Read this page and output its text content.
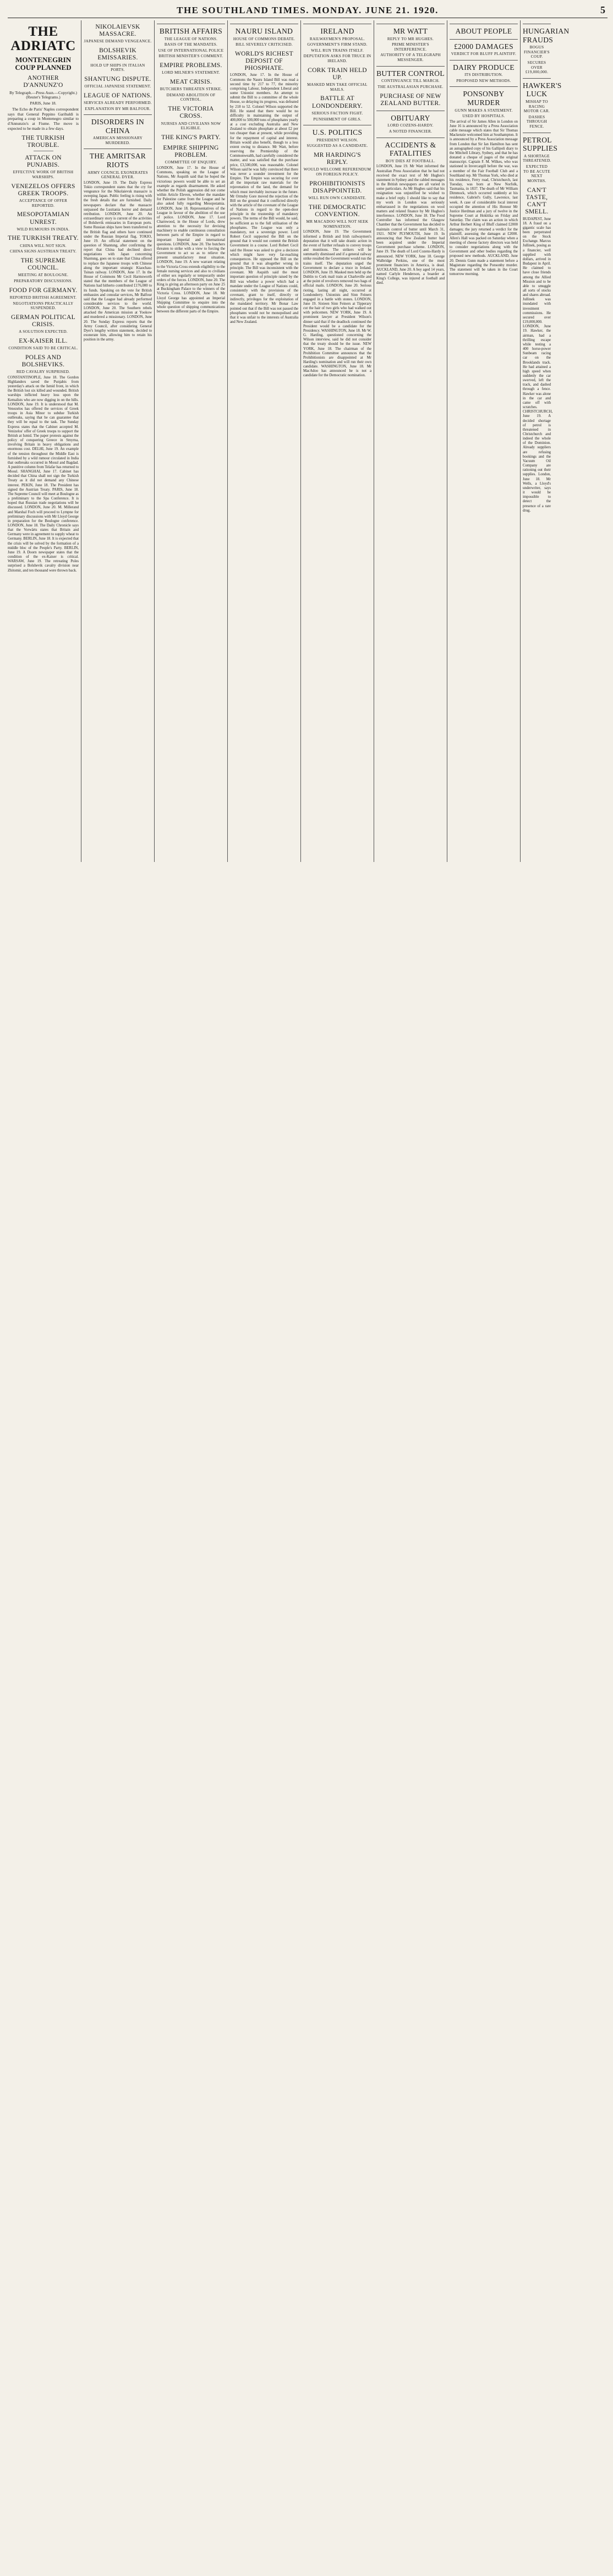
THE SOUTHLAND TIMES. MONDAY. JUNE 21. 1920.	5
THE ADRIATC
MONTENEGRIN COUP PLANNED
ANOTHER D'ANNUNZ'O
By Telegraph.—Press Assn.—Copyright.) (Reuter's Telegrams.)
PARIS, June 18.
The Echo de Paris' Naples correspondent says that General Peppino Garibaldi is preparing a coup in Montenegro similar to d'Annunzio's at Fiume. The move is expected to be made in a few days.
THE TURKISH TROUBLE.
ATTACK ON PUNJABIS.
EFFECTIVE WORK OF BRITISH WARSHIPS.
VENEZELOS OFFERS GREEK TROOPS.
ACCEPTANCE OF OFFER REPORTED.
MESOPOTAMIAN UNREST.
WILD RUMOURS IN INDIA.
THE TURKISH TREATY.
CHINA WILL NOT SIGN.
CHINA SIGNS AUSTRIAN TREATY.
THE SUPREME COUNCIL.
MEETING AT BOULOGNE.
PREPARATORY DISCUSSIONS.
FOOD FOR GERMANY.
REPORTED BRITISH AGREEMENT.
NEGOTIATIONS PRACTICALLY SUSPENDED.
GERMAN POLITICAL CRISIS.
A SOLUTION EXPECTED.
EX-KAISER ILL.
CONDITION SAID TO BE CRITICAL.
POLES AND BOLSHEVIKS.
RED CAVALRY SURPRISED.
CONSTANTINOPLE, June 18. The Gordon Highlanders saved the Punjabis from yesterday's attack on the Ismid front, in which the British lost six killed and wounded. British warships inflicted heavy loss upon the Kemalists who are now digging in on the hills. LONDON, June 19. It is understood that M. Venezelos has offered the services of Greek troops in Asia Minor to subdue Turkish outbreaks, saying that he can guarantee that they will be equal to the task. The Sunday Express states that the Cabinet accepted M. Venizelos' offer of Greek troops to support the British at Ismid. The paper protests against the policy of conquering Greece in Smyrna, involving Britain in heavy obligations and enormous cost. DELHI, June 19. An example of the tension throughout the Middle East is furnished by a wild rumour circulated in India that outbreaks occurred in Mosul and Bagdad. A punitive column from Telafar has returned to Mosul. SHANGHAI, June 17. Cabinet has decided that China shall not sign the Turkish Treaty as it did not demand any Chinese interest. PEKIN, June 18. The President has signed the Austrian Treaty. PARIS, June 18. The Supreme Council will meet at Boulogne as a preliminary to the Spa Conference. It is hoped that Russian trade negotiations will be discussed. LONDON, June 20. M. Millerand and Marshal Foch will proceed to Lympne for preliminary discussions with Mr Lloyd George in preparation for the Boulogne conference. LONDON, June 18. The Daily Chronicle says that the Vorwärts states that Britain and Germany were in agreement to supply wheat to Germany. BERLIN, June 18. It is expected that the crisis will be solved by the formation of a middle bloc of the People's Party. BERLIN, June 19. A Doorn newspaper states that the condition of the ex-Kaiser is critical. WARSAW, June 19. The retreating Poles surprised a Bolshevik cavalry division near Zhitomir, and ten thousand were thrown back.
NIKOLAIEVSK MASSACRE.
JAPANESE DEMAND VENGEANCE.
BOLSHEVIK EMISSARIES.
HOLD UP SHIPS IN ITALIAN PORTS.
SHANTUNG DISPUTE.
OFFICIAL JAPANESE STATEMENT.
LEAGUE OF NATIONS.
SERVICES ALREADY PERFORMED.
EXPLANATION BY MR BALFOUR.
DISORDERS IN CHINA
AMERICAN MISSIONARY MURDERED.
THE AMRITSAR RIOTS
ARMY COUNCIL EXONERATES GENERAL DYER.
LONDON, June 19. The Daily Express Tokio correspondent states that the cry for vengeance for the Nikolaievsk massacre is sweeping Japan. Public feeling is rising with the fresh details that are furnished. Daily newspapers declare that the massacre surpassed the Lusitania horror and demand retribution. LONDON, June 20. An extraordinary story is current of the activities of Bolshevik emissaries in European ports. Some Russian ships have been transferred to the British flag and others have continued under the Russian Imperial flag. TOKIO, June 19. An official statement on the question of Shantung, after confirming the report that China had declined direct negotiations with Japan concerning Shantung, goes on to state that China offered to replace the Japanese troops with Chinese along the important strategic Kiaochau-Tsinan railway. LONDON, June 17. In the House of Commons Mr Cecil Harmsworth stated that the members of the League of Nations had hitherto contributed £176,000 to its funds. Speaking on the vote for British embassies and consular services, Mr Balfour said that the League had already performed considerable services to the world. LONDON, June 20. The Southern rebels attacked the American mission at Yookow and murdered a missionary. LONDON, June 20. The Sunday Express reports that the Army Council, after considering General Dyer's lengthy written statement, decided to exonerate him, allowing him to retain his position in the army.
BRITISH AFFAIRS
THE LEAGUE OF NATIONS.
BASIS OF THE MANDATES.
USE OF INTERNATIONAL POLICE
BRITISH MINISTER'S COMMENT.
EMPIRE PROBLEMS.
LORD MILNER'S STATEMENT.
MEAT CRISIS.
BUTCHERS THREATEN STRIKE.
DEMAND ABOLITION OF CONTROL.
THE VICTORIA CROSS.
NURSES AND CIVILIANS NOW ELIGIBLE.
THE KING'S PARTY.
EMPIRE SHIPPING PROBLEM.
COMMITTEE OF ENQUIRY.
LONDON, June 17. In the House of Commons, speaking on the League of Nations, Mr Asquith said that he hoped the victorious powers would be able to set an example as regards disarmament. He asked whether the Polish aggression did not come within Article Eleven, whether the mandate for Palestine came from the League and he also asked fully regarding Mesopotamia. LONDON, June 18. Representatives of the League in favour of the abolition of the use of police. LONDON, June 17. Lord Charnwood, in the House of Lords, drew attention to the necessity for devising machinery to enable continuous consultation between parts of the Empire in regard to important Imperial and international questions. LONDON, June 20. The butchers threaten to strike with a view to forcing the Government to act so as to relieve the present unsatisfactory meat situation. LONDON, June 19. A new warrant relating to the Victoria Cross extends eligibility to the female nursing services and also to civilians of either sex regularly or temporarily under orders of the forces. LONDON, June 20. The King is giving an afternoon party on June 25 at Buckingham Palace to the winners of the Victoria Cross. LONDON, June 18. Mr Lloyd George has appointed an Imperial Shipping Committee to enquire into the whole question of shipping communications between the different parts of the Empire.
NAURU ISLAND
HOUSE OF COMMONS DEBATE.
BILL SEVERELY CRITICISED.
WORLD'S RICHEST DEPOSIT OF PHOSPHATE.
LONDON, June 17. In the House of Commons the Nauru Island Bill was read a second time by 217 to 77, the minority comprising Labour, Independent Liberal and some Unionist members. An attempt to submit the Bill to a committee of the whole House, so delaying its progress, was defeated by 218 to 52. Colonel Wilson supported the Bill. He stated that there would be no difficulty in maintaining the output of 400,000 to 500,000 tons of phosphates yearly at a cost excluding Australia and New Zealand to obtain phosphate at about £2 per ton cheaper than at present, while providing for the repayment of capital and interest. Britain would also benefit, though to a less extent owing to distance. Mr Watt, before reserving the Premiership of the Commonwealth, had carefully considered the matter, and was satisfied that the purchase price, £3,500,000, was reasonable. Colonel Wilson said he was fully convinced that there was never a sounder investment for the Empire. The Empire was securing for over all the important raw materials for the rejuvenation of the land, the demand for which must inevitably increase in the future. Mr Ormsby Gore moved the rejection of the Bill on the ground that it conflicted directly with the article of the covenant of the League of Nations in regard to the open-door principle in the trusteeship of mandatory powers. The terms of the Bill would, he said, be sufficient as to the full utilisation of the phosphates. The League was only a mandatory, not a sovereign power. Lord Robert Cecil supported the Bill on the ground that it would not commit the British Government in a course. Lord Robert Cecil said the House was asked to give a decision which might have very far-reaching consequences. He opposed the Bill on the ground that it was altogether wrong in principle. The Bill was inconsistent with the covenant. Mr Asquith said the most important question of principle raised by the Bill was whether a power which had a mandate under the League of Nations could, consistently with the provisions of the covenant, grant to itself, directly or indirectly, privileges for the exploitation of the mandated territory. Mr Bonar Law pointed out that if the Bill was not passed the phosphates would not be monopolised and that it was unfair to the interests of Australia and New Zealand.
IRELAND
RAILWAYMEN'S PROPOSAL.
GOVERNMENT'S FIRM STAND.
WILL RUN TRAINS ITSELF.
DEPUTATION ASKS FOR TRUCE IN IRELAND.
CORK TRAIN HELD UP.
MASKED MEN TAKE OFFICIAL MAILS.
BATTLE AT LONDONDERRY.
SERIOUS FACTION FIGHT.
PUNISHMENT OF GIRLS.
U.S. POLITICS
PRESIDENT WILSON.
SUGGESTED AS A CANDIDATE.
MR HARDING'S REPLY.
WOULD WELCOME REFERENDUM ON FOREIGN POLICY.
PROHIBITIONISTS DISAPPOINTED.
WILL RUN OWN CANDIDATE.
THE DEMOCRATIC CONVENTION.
MR MACADOO WILL NOT SEEK NOMINATION.
LONDON, June 19. The Government informed a British and Irish railwaymen's deputation that it will take drastic action in the event of further refusals to convey troops and munitions. The strikers will be summarily dismissed and if a general railway strike resulted the Government would run the trains itself. The deputation urged the Government to declare a truce in Ireland. LONDON, June 19. Masked men held up the Dublin to Cork mail train at Charleville and at the point of revolvers removed two bags of official mails. LONDON, June 20. Serious rioting, lasting all night, occurred at Londonderry. Unionists and Sinn Feiners engaged in a battle with stones. LONDON, June 19. Sixteen Sinn Feiners at Tipperary cut the hair of two girls who had walked out with policemen. NEW YORK, June 19. A prominent lawyer at President Wilson's dinner said that if the deadlock continued the President would be a candidate for the Presidency. WASHINGTON, June 18. Mr W. G. Harding, questioned concerning the Wilson interview, said he did not consider that the treaty should be the issue. NEW YORK, June 18. The chairman of the Prohibition Committee announces that the Prohibitionists are disappointed at Mr Harding's nomination and will run their own candidate. WASHINGTON, June 18. Mr MacAdoo has announced he is not a candidate for the Democratic nomination.
MR WATT
REPLY TO MR HUGHES.
PRIME MINISTER'S INTERFERENCE.
AUTHORITY OF A TELEGRAPH MESSENGER.
BUTTER CONTROL
CONTINUANCE TILL MARCH.
THE AUSTRALASIAN PURCHASE.
PURCHASE OF NEW ZEALAND BUTTER.
OBITUARY
LORD COZENS-HARDY.
A NOTED FINANCIER.
ACCIDENTS & FATALITIES
BOY DIES AT FOOTBALL.
LONDON, June 19. Mr Watt informed the Australian Press Association that he had not received the exact text of Mr Hughes's statement in Sydney and the cabled messages in the British newspapers are all varied in some particulars. As Mr Hughes said that his resignation was unjustified he wished to make a brief reply. I should like to say that my work in London was seriously embarrassed in the negotiations on wool matters and related finance by Mr Hughes's interference. LONDON, June 18. The Food Controller has informed the Glasgow Chamber that the Government has decided to maintain control of butter until March 31, 1921. NEW PLYMOUTH, June 19. In announcing that New Zealand butter had been acquired under the Imperial Government purchase scheme. LONDON, June 19. The death of Lord Cozens-Hardy is announced. NEW YORK, June 18. George Walbridge Perkins, one of the most prominent financiers in America, is dead. AUCKLAND, June 20. A boy aged 14 years, named Carlyle Henderson, a boarder at King's College, was injured at football and died.
ABOUT PEOPLE
£2000 DAMAGES
VERDICT FOR BLUFF PLAINTIFF.
DAIRY PRODUCE
ITS DISTRIBUTION.
PROPOSED NEW METHODS.
PONSONBY MURDER
GUNN MAKES A STATEMENT.
USED BY HOSPITALS.
The arrival of Sir James Allen in London on June 16 is announced by a Press Association cable message which states that Sir Thomas Mackenzie welcomed him at Southampton. It is announced by a Press Association message from London that Sir Ian Hamilton has sent an autographed copy of his Gallipoli diary to the Mitchell Library, Sydney, and that he has donated a cheque of pages of the original manuscript. Captain F. M. Wilkes, who was stationed in Invercargill before the war, was a member of the Fair Football Club and a Southland rep. Mr Thomas York, who died at his residence, Ferry road, Christchurch, last Tuesday, was born at New Norfolk, Tasmania, in 1837. The death of Mr William Dimmock, which occurred suddenly at his residence, Gabriel's Gully, Lawrence, last week. A case of considerable local interest occupied the attention of His Honour Mr Justice Herdman and a jury of twelve in the Supreme Court at Hokitika on Friday and Saturday. The claim was an action in which Arthur Herbert King of Bluff claimed £2000 damages; the jury returned a verdict for the plaintiff, assessing the damages at £2000. Allen's Hall was packed on Saturday when a meeting of cheese factory directors was held to consider negotiations along with the Government and other bodies regarding the proposed new methods. AUCKLAND, June 20. Dennis Gunn made a statement before a Magistrate regarding the Ponsonby murder. The statement will be taken in the Court tomorrow morning.
HUNGARIAN FRAUDS
BOGUS FINANCIER'S COUP.
SECURES OVER £19,000,000.
HAWKER'S LUCK
MISHAP TO RACING MOTOR CAR.
DASHES THROUGH FENCE.
PETROL SUPPLIES
A SHORTAGE THREATENED.
EXPECTED TO BE ACUTE NEXT MONTHS.
CAN'T TASTE, CAN'T SMELL.
BUDAPEST, June 18. A fraud on a gigantic scale has been perpetrated on the Stock Exchange. Marcus Jullinek, posing as a financier, well supplied with dollars, arrived in Budapest in April. He claimed to have close friends among the Allied Mission and to be able to smuggle all sorts of stocks and shares abroad. Jullinek was inundated with investment commissions. He secured over £19,000,000. LONDON, June 19. Hawker, the airman, had a thrilling escape while testing a 400 horse-power Sunbeam racing car on the Brooklands track. He had attained a high speed when suddenly the car swerved, left the track, and dashed through a fence. Hawker was alone in the car and came off with scratches. CHRISTCHURCH, June 19. A decided shortage of petrol is threatened in Christchurch and indeed the whole of the Dominion. Already suppliers are refusing bookings and the Vacuum Oil Company are rationing out their supplies. London, June 18. Mr Wells, a Lloyd's underwriter, says it would be impossible to detect the presence of a rare drug.
